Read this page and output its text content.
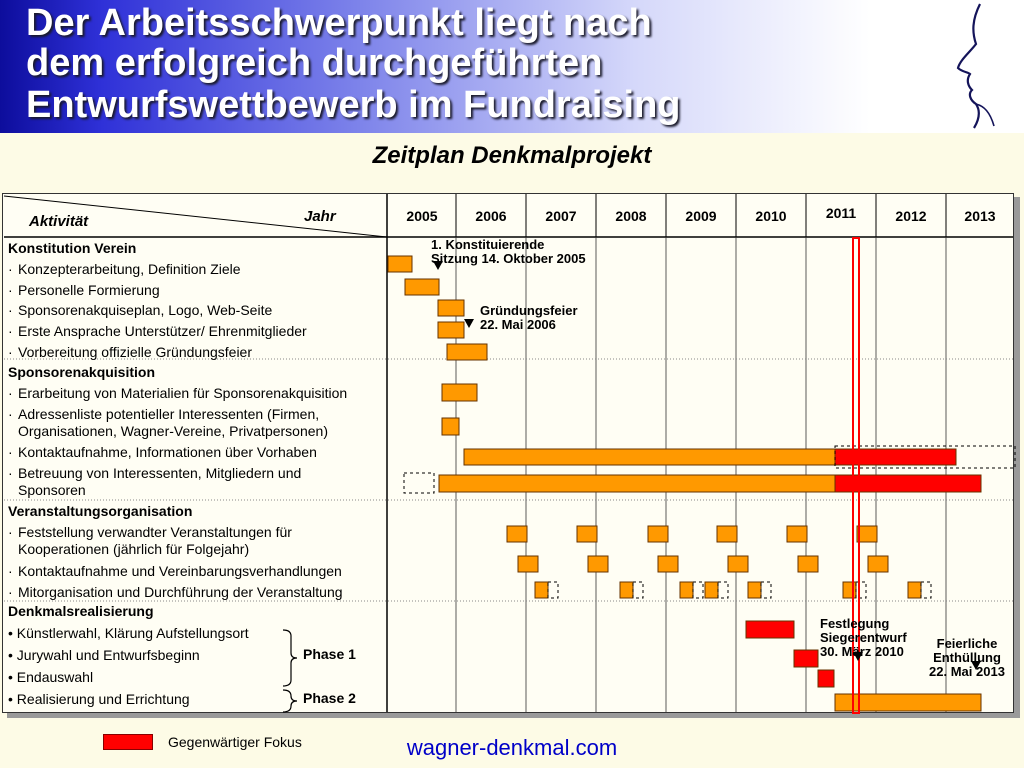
Der Arbeitsschwerpunkt liegt nach
dem erfolgreich durchgeführten
Entwurfswettbewerb im Fundraising
Zeitplan Denkmalprojekt
Konstitution Verein
· Konzepterarbeitung, Definition Ziele
· Personelle Formierung
· Sponsorenakquiseplan, Logo, Web-Seite
· Erste Ansprache Unterstützer/ Ehrenmitglieder
· Vorbereitung offizielle Gründungsfeier
Sponsorenakquisition
· Erarbeitung von Materialien für Sponsorenakquisition
· Adressenliste potentieller Interessenten (Firmen,
Organisationen, Wagner-Vereine, Privatpersonen)
· Kontaktaufnahme, Informationen über Vorhaben
· Betreuung von Interessenten, Mitgliedern und
Sponsoren
Veranstaltungsorganisation
· Feststellung verwandter Veranstaltungen für
Kooperationen (jährlich für Folgejahr)
· Kontaktaufnahme und Vereinbarungsverhandlungen
· Mitorganisation und Durchführung der Veranstaltung
Denkmalsrealisierung
• Künstlerwahl, Klärung Aufstellungsort
• Jurywahl und Entwurfsbeginn
• Endauswahl
• Realisierung und Errichtung
2005	2006	2007	2008	2009	2010	2011	2012	2013
Aktivität	Jahr
1. Konstituierende
Sitzung 14. Oktober 2005
Gründungsfeier
22. Mai 2006
Festlegung
Siegerentwurf
30. März 2010
Feierliche
Enthüllung
22. Mai 2013
Phase 1
Phase 2
Gegenwärtiger Fokus	wagner-denkmal.com
